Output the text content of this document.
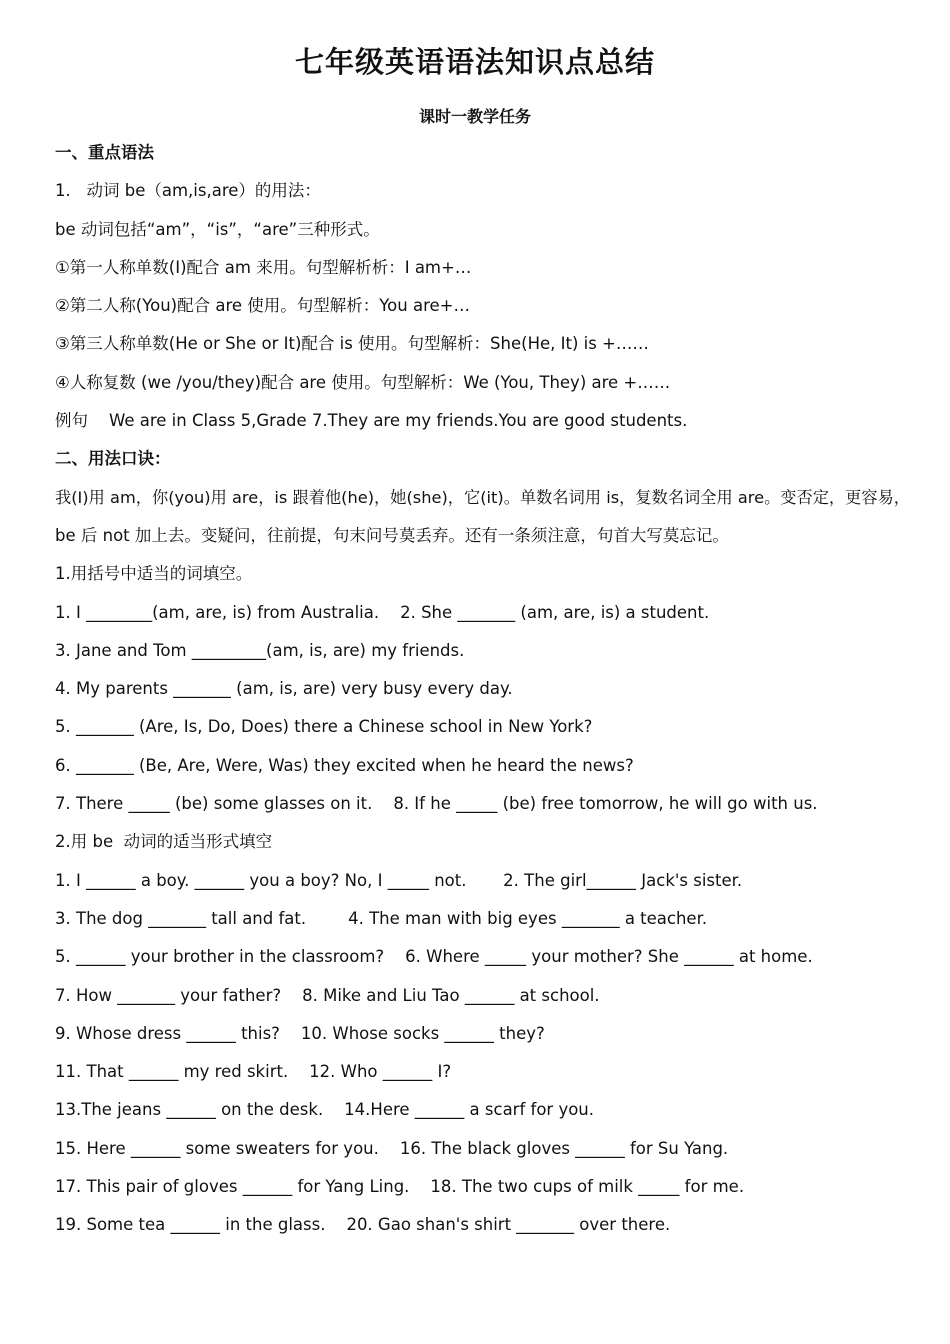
七年级英语语法知识点总结
课时一教学任务
一、重点语法
1.   动词 be（am,is,are）的用法：
be 动词包括“am”，“is”，“are”三种形式。
①第一人称单数(I)配合 am 来用。句型解析析：I am+…
②第二人称(You)配合 are 使用。句型解析：You are+…
③第三人称单数(He or She or It)配合 is 使用。句型解析：She(He, It) is +……
④人称复数 (we /you/they)配合 are 使用。句型解析：We (You, They) are +……
例句    We are in Class 5,Grade 7.They are my friends.You are good students.
二、用法口诀：
我(I)用 am，你(you)用 are，is 跟着他(he)，她(she)，它(it)。单数名词用 is，复数名词全用 are。变否定，更容易，
be 后 not 加上去。变疑问，往前提，句末问号莫丢弃。还有一条须注意，句首大写莫忘记。
1.用括号中适当的词填空。
1. I ________(am, are, is) from Australia.    2. She _______ (am, are, is) a student.
3. Jane and Tom _________(am, is, are) my friends.
4. My parents _______ (am, is, are) very busy every day.
5. _______ (Are, Is, Do, Does) there a Chinese school in New York?
6. _______ (Be, Are, Were, Was) they excited when he heard the news?
7. There _____ (be) some glasses on it.    8. If he _____ (be) free tomorrow, he will go with us.
2.用 be  动词的适当形式填空
1. I ______ a boy. ______ you a boy? No, I _____ not.       2. The girl______ Jack's sister.
3. The dog _______ tall and fat.        4. The man with big eyes _______ a teacher.
5. ______ your brother in the classroom?    6. Where _____ your mother? She ______ at home.
7. How _______ your father?    8. Mike and Liu Tao ______ at school.
9. Whose dress ______ this?    10. Whose socks ______ they?
11. That ______ my red skirt.    12. Who ______ I?
13.The jeans ______ on the desk.    14.Here ______ a scarf for you.
15. Here ______ some sweaters for you.    16. The black gloves ______ for Su Yang.
17. This pair of gloves ______ for Yang Ling.    18. The two cups of milk _____ for me.
19. Some tea ______ in the glass.    20. Gao shan's shirt _______ over there.
